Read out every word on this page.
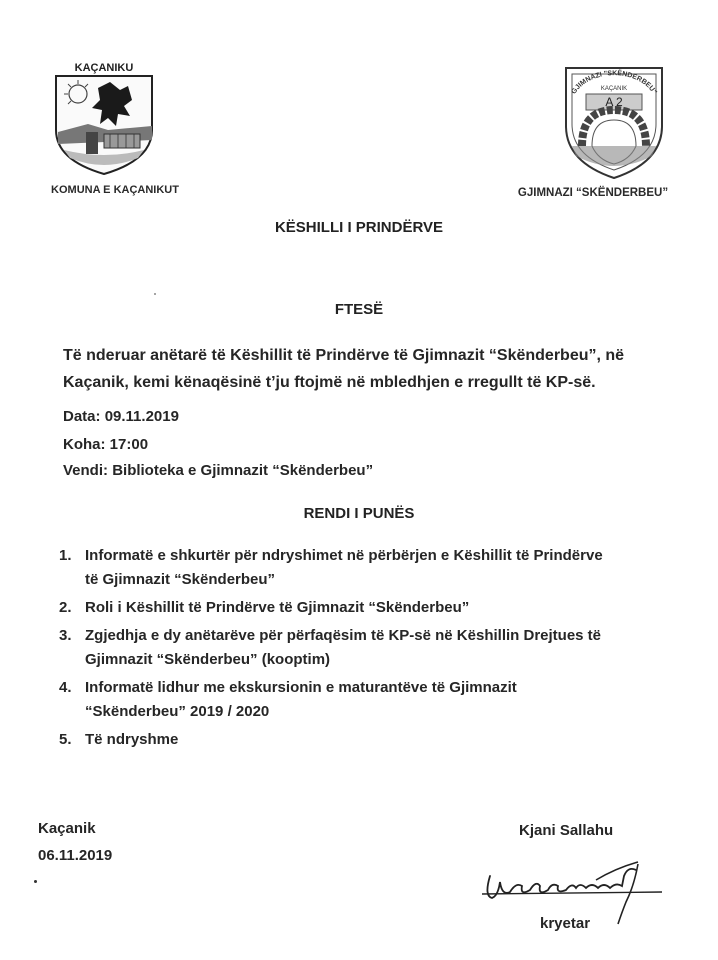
KAÇANIKU
KOMUNA E KAÇANIKUT
GJIMNAZI "SKËNDERBEU"
KAÇANIK
A 2
GJIMNAZI “SKËNDERBEU”
KËSHILLI I PRINDËRVE
FTESË
Të nderuar anëtarë të Këshillit të Prindërve të Gjimnazit “Skënderbeu”, në
Kaçanik, kemi kënaqësinë t’ju ftojmë në mbledhjen e rregullt të KP-së.
Data: 09.11.2019
Koha: 17:00
Vendi: Biblioteka e Gjimnazit “Skënderbeu”
RENDI I PUNËS
1. Informatë e shkurtër për ndryshimet në përbërjen e Këshillit të Prindërve
të Gjimnazit “Skënderbeu”
2. Roli i Këshillit të Prindërve të Gjimnazit “Skënderbeu”
3. Zgjedhja e dy anëtarëve për përfaqësim të KP-së në Këshillin Drejtues të
Gjimnazit “Skënderbeu” (kooptim)
4. Informatë lidhur me ekskursionin e maturantëve të Gjimnazit
“Skënderbeu” 2019 / 2020
5. Të ndryshme
Kaçanik
06.11.2019
Kjani Sallahu
kryetar
